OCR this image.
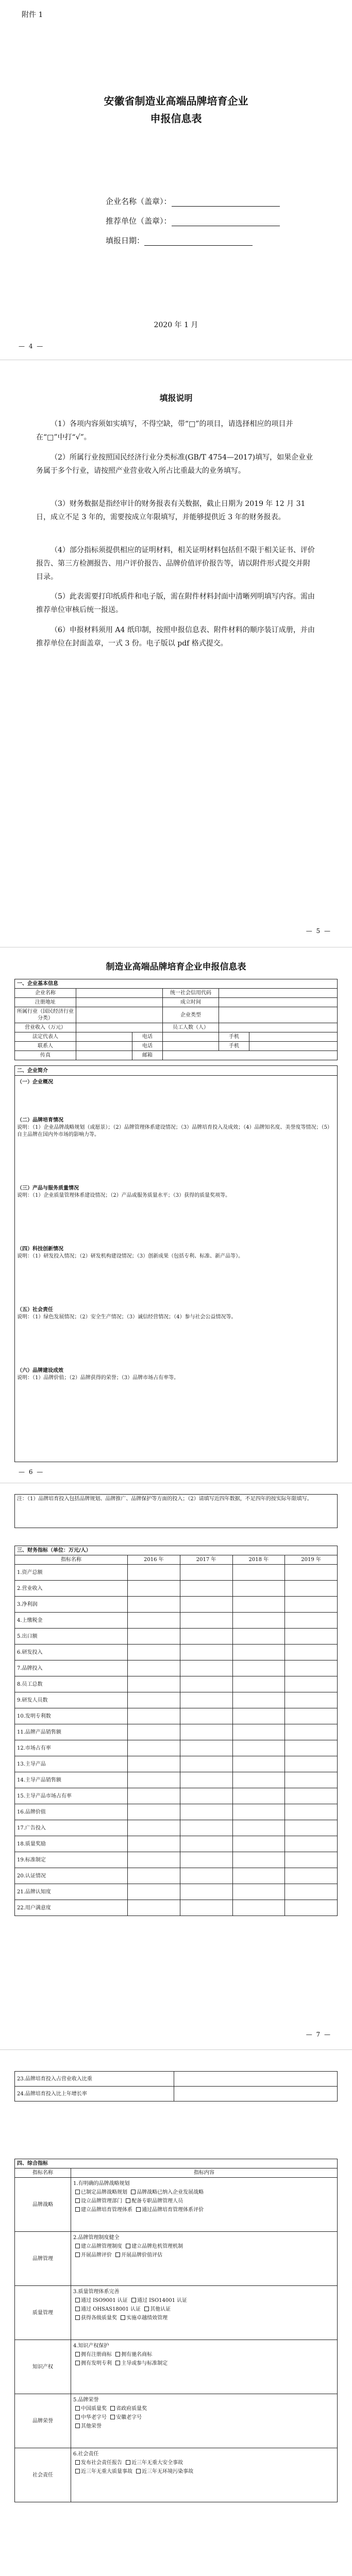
附件 1
安徽省制造业高端品牌培育企业
申报信息表
企业名称（盖章）：
推荐单位（盖章）：
填报日期：
2020 年 1 月
— 4 —
填报说明
（1）各项内容须如实填写，不得空缺，带“□”的项目，请选择相应的项目并在“□”中打“√”。
（2）所属行业按照国民经济行业分类标准(GB/T 4754—2017)填写，如果企业业务属于多个行业，请按照产业营业收入所占比重最大的业务填写。
（3）财务数据是指经审计的财务报表有关数据，截止日期为 2019 年 12 月 31 日，成立不足 3 年的，需要按成立年限填写，并能够提供近 3 年的财务报表。
（4）部分指标须提供相应的证明材料，相关证明材料包括但不限于相关证书、评价报告、第三方检测报告、用户评价报告、品牌价值评价报告等，请以附件形式提交并附目录。
（5）此表需要打印纸质件和电子版，需在附件材料封面中清晰列明填写内容。需由推荐单位审核后统一报送。
（6）申报材料须用 A4 纸印制，按照申报信息表、附件材料的顺序装订成册，并由推荐单位在封面盖章，一式 3 份。电子版以 pdf 格式提交。
— 5 —
制造业高端品牌培育企业申报信息表
一、企业基本信息					
企业名称			统一社会信用代码		
注册地址			成立时间		
所属行业（国民经济行业分类）			企业类型		
营业收入（万元）			员工人数（人）		
法定代表人		电话		手机	
联系人		电话		手机	
传真		邮箱			
二、企业简介

（一）企业概况
（二）品牌培育情况
说明：（1）企业品牌战略规划（或愿景）；（2）品牌管理体系建设情况；（3）品牌培育投入及成效；（4）品牌知名度、美誉度等情况；（5）自主品牌在国内外市场的影响力等。
（三）产品与服务质量情况
说明：（1）企业质量管理体系建设情况；（2）产品或服务质量水平；（3）获得的质量奖项等。
（四）科技创新情况
说明：（1）研发投入情况；（2）研发机构建设情况；（3）创新成果（包括专利、标准、新产品等）。
（五）社会责任
说明：（1）绿色发展情况；（2）安全生产情况；（3）诚信经营情况；（4）参与社会公益情况等。
（六）品牌建设成效
说明：（1）品牌价值；（2）品牌获得的荣誉；（3）品牌市场占有率等。
— 6 —
注：（1）品牌培育投入包括品牌规划、品牌推广、品牌保护等方面的投入；（2）请填写近四年数据，不足四年的按实际年限填写。
三、财务指标（单位：万元/人）				
指标名称	2016 年	2017 年	2018 年	2019 年
1.资产总额				
2.营业收入				
3.净利润				
4.上缴税金				
5.出口额				
6.研发投入				
7.品牌投入				
8.员工总数				
9.研发人员数				
10.发明专利数				
11.品牌产品销售额				
12.市场占有率				
13.主导产品				
14.主导产品销售额				
15.主导产品市场占有率				
16.品牌价值				
17.广告投入				
18.质量奖励				
19.标准制定				
20.认证情况				
21.品牌认知度				
22.用户满意度				
— 7 —
23.品牌培育投入占营业收入比重	
24.品牌培育投入比上年增长率	
四、综合指标	
指标名称	指标内容
品牌战略	1.有明确的品牌战略规划
已制定品牌战略规划 品牌战略已纳入企业发展战略
设立品牌管理部门 配备专职品牌管理人员
建立品牌培育管理体系 通过品牌培育管理体系评价

品牌管理	2.品牌管理制度健全
建立品牌管理制度 建立品牌危机管理机制
开展品牌评价 开展品牌价值评估

质量管理	3.质量管理体系完善
通过 ISO9001 认证 通过 ISO14001 认证
通过 OHSAS18001 认证 其他认证
获得各级质量奖 实施卓越绩效管理

知识产权	4.知识产权保护
拥有注册商标 拥有驰名商标
拥有发明专利 主导或参与标准制定

品牌荣誉	5.品牌荣誉
中国质量奖 省政府质量奖
中华老字号 安徽老字号
其他荣誉

社会责任	6.社会责任
发布社会责任报告 近三年无重大安全事故
近三年无重大质量事故 近三年无环境污染事故
